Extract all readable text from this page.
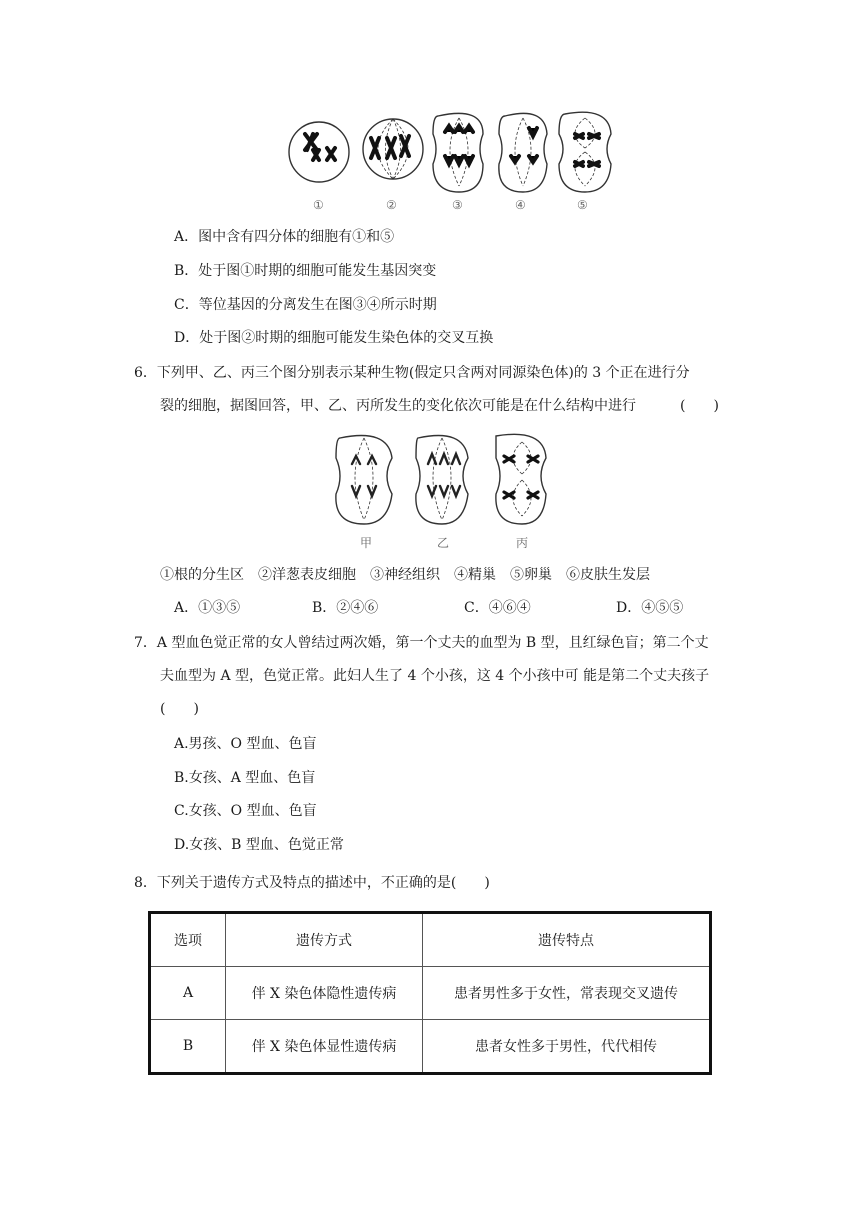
①	②	③	④	⑤
A．图中含有四分体的细胞有①和⑤
B．处于图①时期的细胞可能发生基因突变
C．等位基因的分离发生在图③④所示时期
D．处于图②时期的细胞可能发生染色体的交叉互换
6．下列甲、乙、丙三个图分别表示某种生物(假定只含两对同源染色体)的 3 个正在进行分
裂的细胞，据图回答，甲、乙、丙所发生的变化依次可能是在什么结构中进行	(　　)
甲	乙	丙
①根的分生区　②洋葱表皮细胞　③神经组织　④精巢　⑤卵巢　⑥皮肤生发层
A．①③⑤	B．②④⑥	C．④⑥④	D．④⑤⑤
7．A 型血色觉正常的女人曾结过两次婚，第一个丈夫的血型为 B 型，且红绿色盲；第二个丈
夫血型为 A 型，色觉正常。此妇人生了 4 个小孩，这 4 个小孩中可 能是第二个丈夫孩子
(　　)
A.男孩、O 型血、色盲
B.女孩、A 型血、色盲
C.女孩、O 型血、色盲
D.女孩、B 型血、色觉正常
8．下列关于遗传方式及特点的描述中，不正确的是(　　)
选项	遗传方式	遗传特点
A	伴 X 染色体隐性遗传病	患者男性多于女性，常表现交叉遗传
B	伴 X 染色体显性遗传病	患者女性多于男性，代代相传
